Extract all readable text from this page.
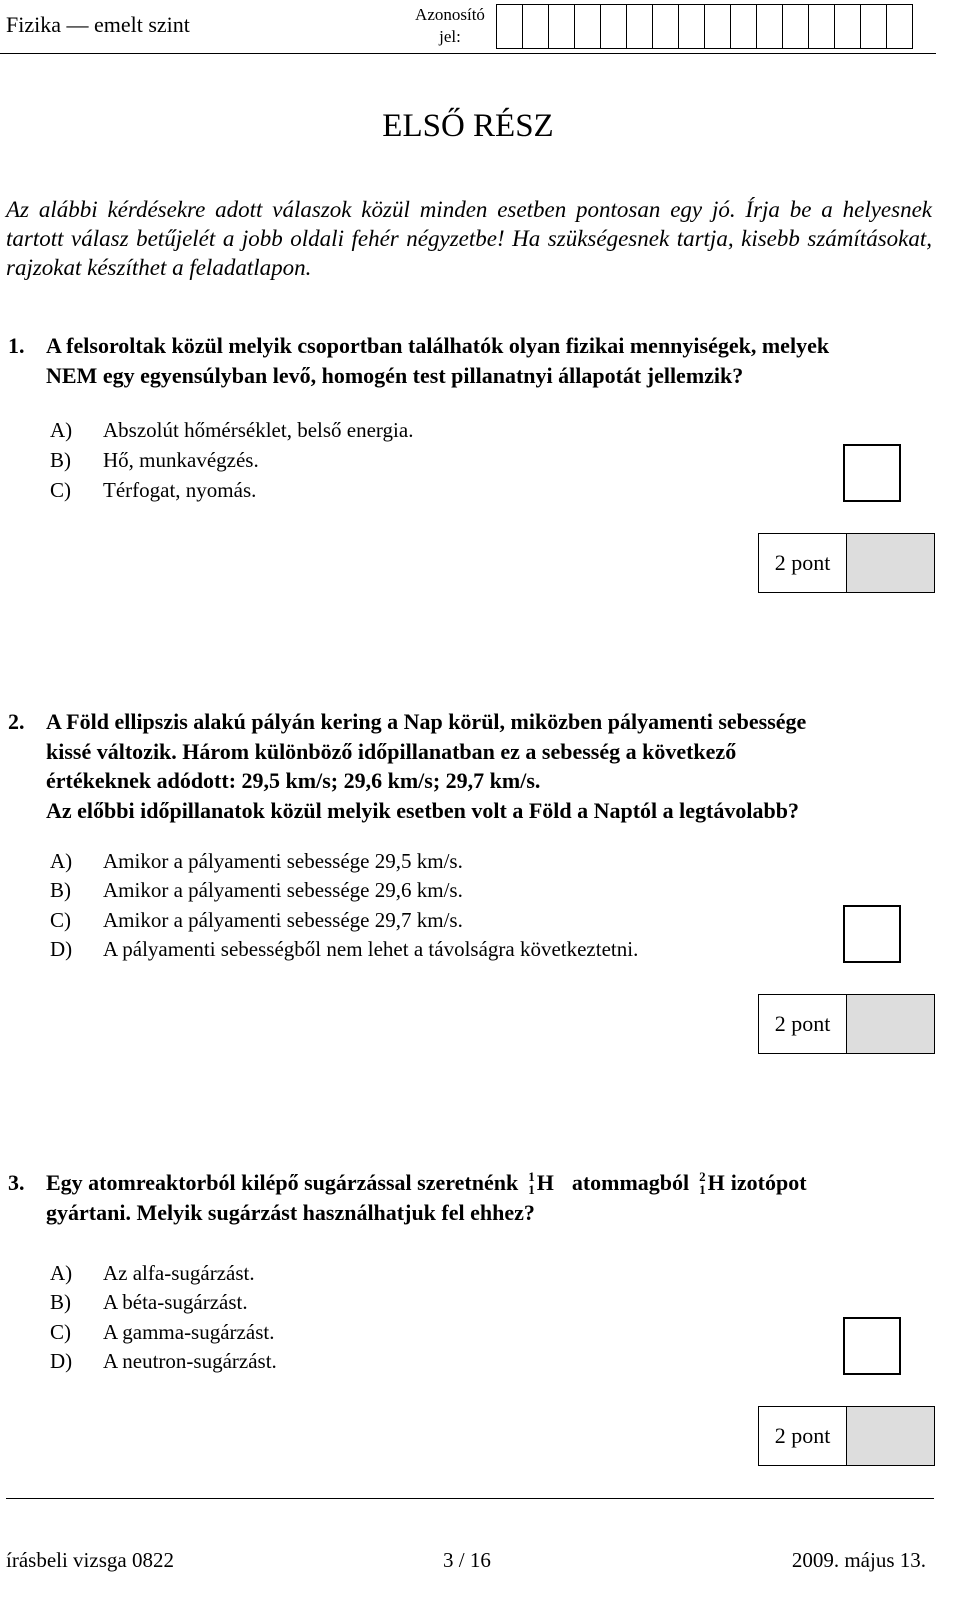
Fizika — emelt szint	Azonosító
jel:
ELSŐ RÉSZ
Az alábbi kérdésekre adott válaszok közül minden esetben pontosan egy jó. Írja be a helyesnek tartott válasz betűjelét a jobb oldali fehér négyzetbe! Ha szükségesnek tartja, kisebb számításokat, rajzokat készíthet a feladatlapon.
1. A felsoroltak közül melyik csoportban találhatók olyan fizikai mennyiségek, melyek
NEM egy egyensúlyban levő, homogén test pillanatnyi állapotát jellemzik?
A) Abszolút hőmérséklet, belső energia.
B) Hő, munkavégzés.
C) Térfogat, nyomás.
2 pont
2. A Föld ellipszis alakú pályán kering a Nap körül, miközben pályamenti sebessége
kissé változik. Három különböző időpillanatban ez a sebesség a következő
értékeknek adódott: 29,5 km/s; 29,6 km/s; 29,7 km/s.
Az előbbi időpillanatok közül melyik esetben volt a Föld a Naptól a legtávolabb?
A) Amikor a pályamenti sebessége 29,5 km/s.
B) Amikor a pályamenti sebessége 29,6 km/s.
C) Amikor a pályamenti sebessége 29,7 km/s.
D) A pályamenti sebességből nem lehet a távolságra következtetni.
2 pont
3. Egy atomreaktorból kilépő sugárzással szeretnénk 1
1 H atommagból 2
1 H izotópot
gyártani. Melyik sugárzást használhatjuk fel ehhez?
A) Az alfa-sugárzást.
B) A béta-sugárzást.
C) A gamma-sugárzást.
D) A neutron-sugárzást.
2 pont
írásbeli vizsga 0822	3 / 16	2009. május 13.
